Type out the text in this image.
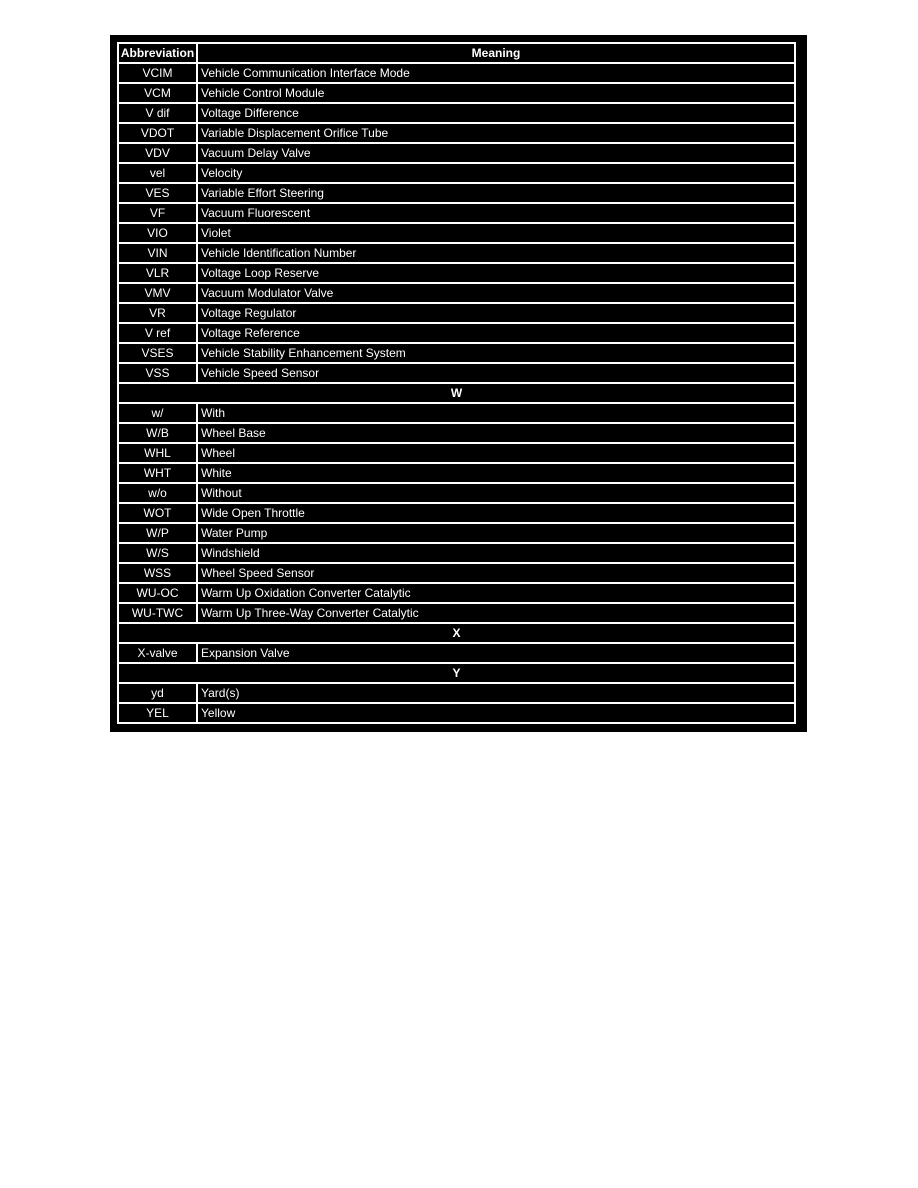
Abbreviation	Meaning
VCIM	Vehicle Communication Interface Mode
VCM	Vehicle Control Module
V dif	Voltage Difference
VDOT	Variable Displacement Orifice Tube
VDV	Vacuum Delay Valve
vel	Velocity
VES	Variable Effort Steering
VF	Vacuum Fluorescent
VIO	Violet
VIN	Vehicle Identification Number
VLR	Voltage Loop Reserve
VMV	Vacuum Modulator Valve
VR	Voltage Regulator
V ref	Voltage Reference
VSES	Vehicle Stability Enhancement System
VSS	Vehicle Speed Sensor
W
w/	With
W/B	Wheel Base
WHL	Wheel
WHT	White
w/o	Without
WOT	Wide Open Throttle
W/P	Water Pump
W/S	Windshield
WSS	Wheel Speed Sensor
WU-OC	Warm Up Oxidation Converter Catalytic
WU-TWC	Warm Up Three-Way Converter Catalytic
X
X-valve	Expansion Valve
Y
yd	Yard(s)
YEL	Yellow
